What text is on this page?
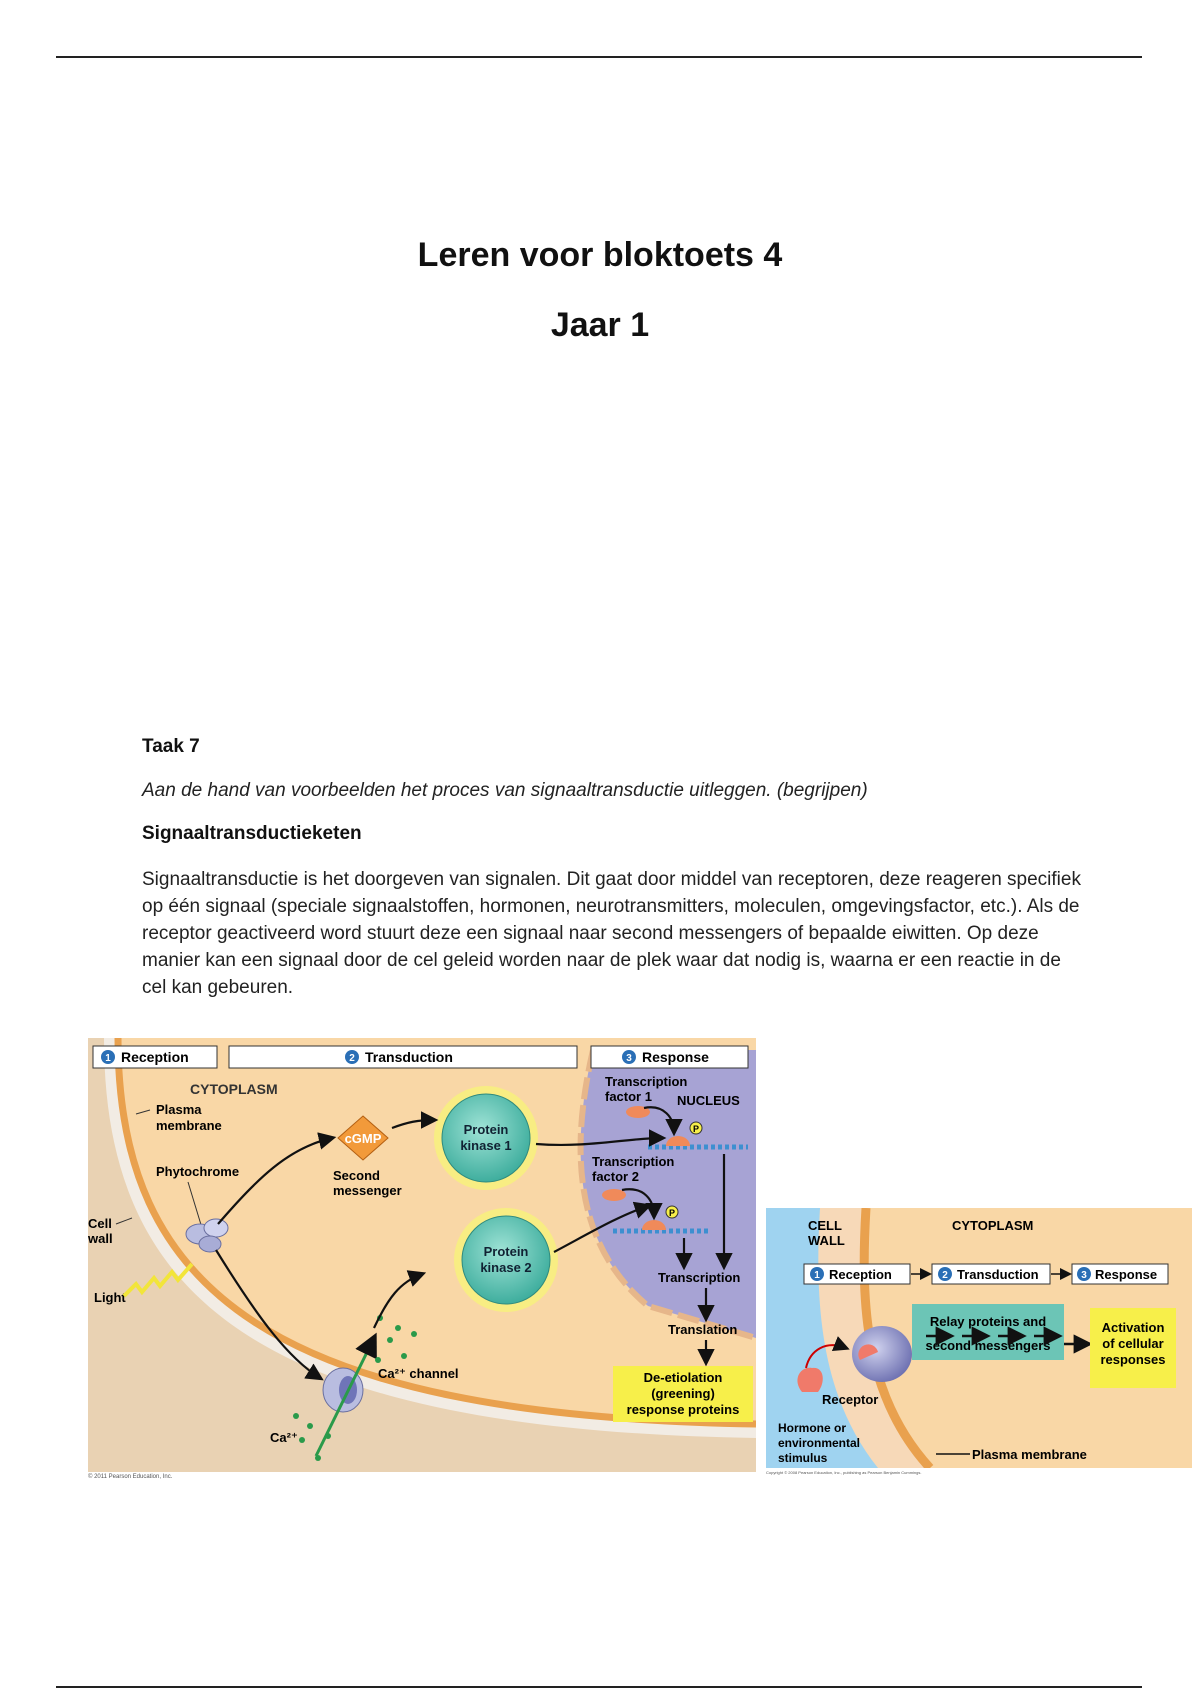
Leren voor bloktoets 4
Jaar 1

Taak 7

Aan de hand van voorbeelden het proces van signaaltransductie uitleggen. (begrijpen)

Signaaltransductieketen

Signaaltransductie is het doorgeven van signalen. Dit gaat door middel van receptoren, deze reageren specifiek op één signaal (speciale signaalstoffen, hormonen, neurotransmitters, moleculen, omgevingsfactor, etc.). Als de receptor geactiveerd word stuurt deze een signaal naar second messengers of bepaalde eiwitten. Op deze manier kan een signaal door de cel geleid worden naar de plek waar dat nodig is, waarna er een reactie in de cel kan gebeuren.

1 Reception	2 Transduction	3 Response
CYTOPLASM
Plasma
membrane
Phytochrome
Cell
wall
Light
cGMP
Second
messenger
Protein
kinase 1
Protein
kinase 2
Transcription
factor 1 NUCLEUS
P
Transcription
factor 2
P
Transcription
Translation
De-etiolation
(greening)
response proteins
Ca²⁺ channel
Ca²⁺
© 2011 Pearson Education, Inc.
CELL
WALL
CYTOPLASM
1 Reception	2 Transduction	3 Response
Relay proteins and
second messengers
Activation
of cellular
responses
Receptor
Hormone or
environmental
stimulus	Plasma membrane
Copyright © 2008 Pearson Education, Inc., publishing as Pearson Benjamin Cummings.
